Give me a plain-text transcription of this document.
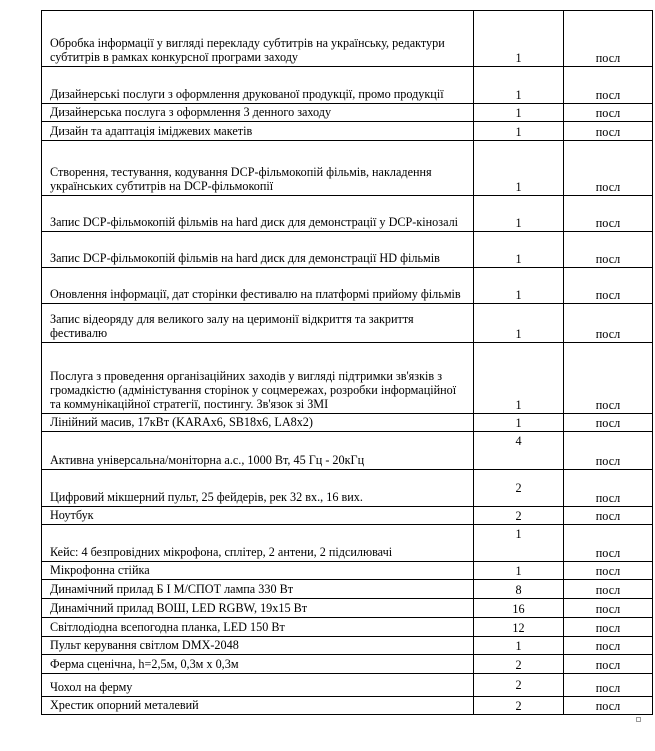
Обробка інформації у вигляді перекладу субтитрів на українську, редактури субтитрів в рамках конкурсної програми заходу	1	посл
Дизайнерські послуги з оформлення друкованої продукції, промо продукції	1	посл
Дизайнерська послуга з оформлення 3 денного заходу	1	посл
Дизайн та адаптація іміджевих макетів	1	посл
Створення, тестування, кодування DCP-фільмокопій фільмів, накладення українських субтитрів на DCP-фільмокопії	1	посл
Запис DCP-фільмокопій фільмів на hard диск для демонстрації у DCP-кінозалі	1	посл
Запис DCP-фільмокопій фільмів на hard диск для демонстрації HD фільмів	1	посл
Оновлення інформації, дат сторінки фестивалю на платформі прийому фільмів	1	посл
Запис відеоряду для великого залу на церимонії відкриття та закриття фестивалю	1	посл
Послуга з проведення організаційних заходів у вигляді підтримки зв'язків з громадкістю (адміністування сторінок у соцмережах, розробки інформаційної та коммунікаційної стратегії, постингу. Зв'язок зі ЗМІ	1	посл
Лінійний масив, 17кВт (KARAx6, SB18x6, LA8x2)	1	посл
Активна універсальна/моніторна а.с., 1000 Вт, 45 Гц - 20кГц	4	посл
Цифровий мікшерний пульт, 25 фейдерів, рек 32 вх., 16 вих.	2	посл
Ноутбук	2	посл
Кейс: 4 безпровідних мікрофона, сплітер, 2 антени, 2 підсилювачі	1	посл
Мікрофонна стійка	1	посл
Динамічний прилад Б І М/СПОТ лампа 330 Вт	8	посл
Динамічний прилад ВОШ, LED RGBW, 19х15 Вт	16	посл
Світлодіодна всепогодна планка, LED 150 Вт	12	посл
Пульт керування світлом DMX-2048	1	посл
Ферма сценічна, h=2,5м, 0,3м х 0,3м	2	посл
Чохол на ферму	2	посл
Хрестик опорний металевий	2	посл
